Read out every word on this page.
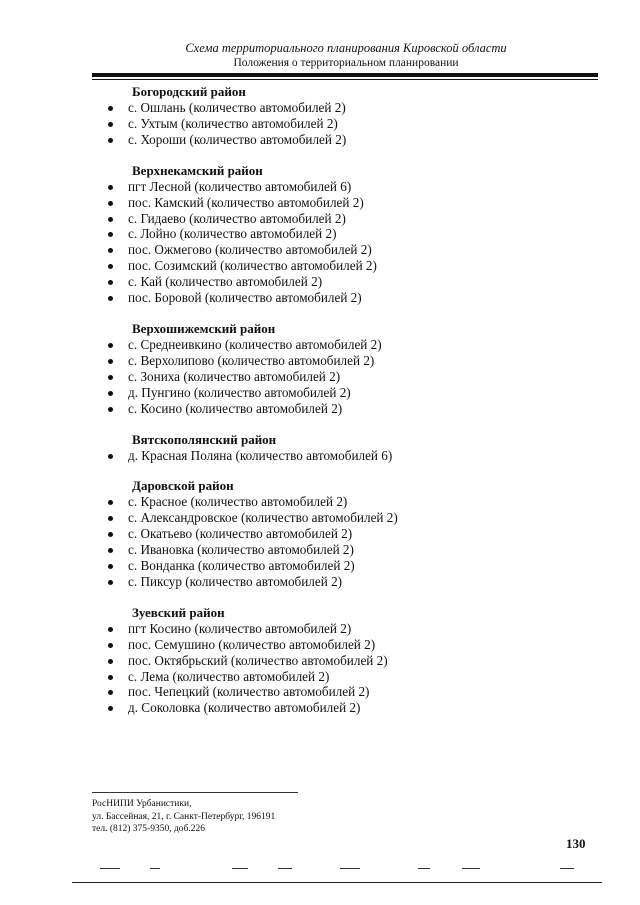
Схема территориального планирования Кировской области
Положения о территориальном планировании
Богородский район
с. Ошлань (количество автомобилей 2)
с. Ухтым (количество автомобилей 2)
с. Хороши (количество автомобилей 2)
Верхнекамский район
пгт Лесной (количество автомобилей 6)
пос. Камский (количество автомобилей 2)
с. Гидаево (количество автомобилей 2)
с. Лойно (количество автомобилей 2)
пос. Ожмегово (количество автомобилей 2)
пос. Созимский (количество автомобилей 2)
с. Кай (количество автомобилей 2)
пос. Боровой (количество автомобилей 2)
Верхошижемский район
с. Среднеивкино (количество автомобилей 2)
с. Верхолипово (количество автомобилей 2)
с. Зониха (количество автомобилей 2)
д. Пунгино (количество автомобилей 2)
с. Косино (количество автомобилей 2)
Вятскополянский район
д. Красная Поляна (количество автомобилей 6)
Даровской район
с. Красное (количество автомобилей 2)
с. Александровское (количество автомобилей 2)
с. Окатьево (количество автомобилей 2)
с. Ивановка (количество автомобилей 2)
с. Вонданка (количество автомобилей 2)
с. Пиксур (количество автомобилей 2)
Зуевский район
пгт Косино (количество автомобилей 2)
пос. Семушино (количество автомобилей 2)
пос. Октябрьский (количество автомобилей 2)
с. Лема (количество автомобилей 2)
пос. Чепецкий (количество автомобилей 2)
д. Соколовка (количество автомобилей 2)
РосНИПИ Урбанистики,
ул. Бассейная, 21, г. Санкт-Петербург, 196191
тел. (812) 375-9350, доб.226
130
